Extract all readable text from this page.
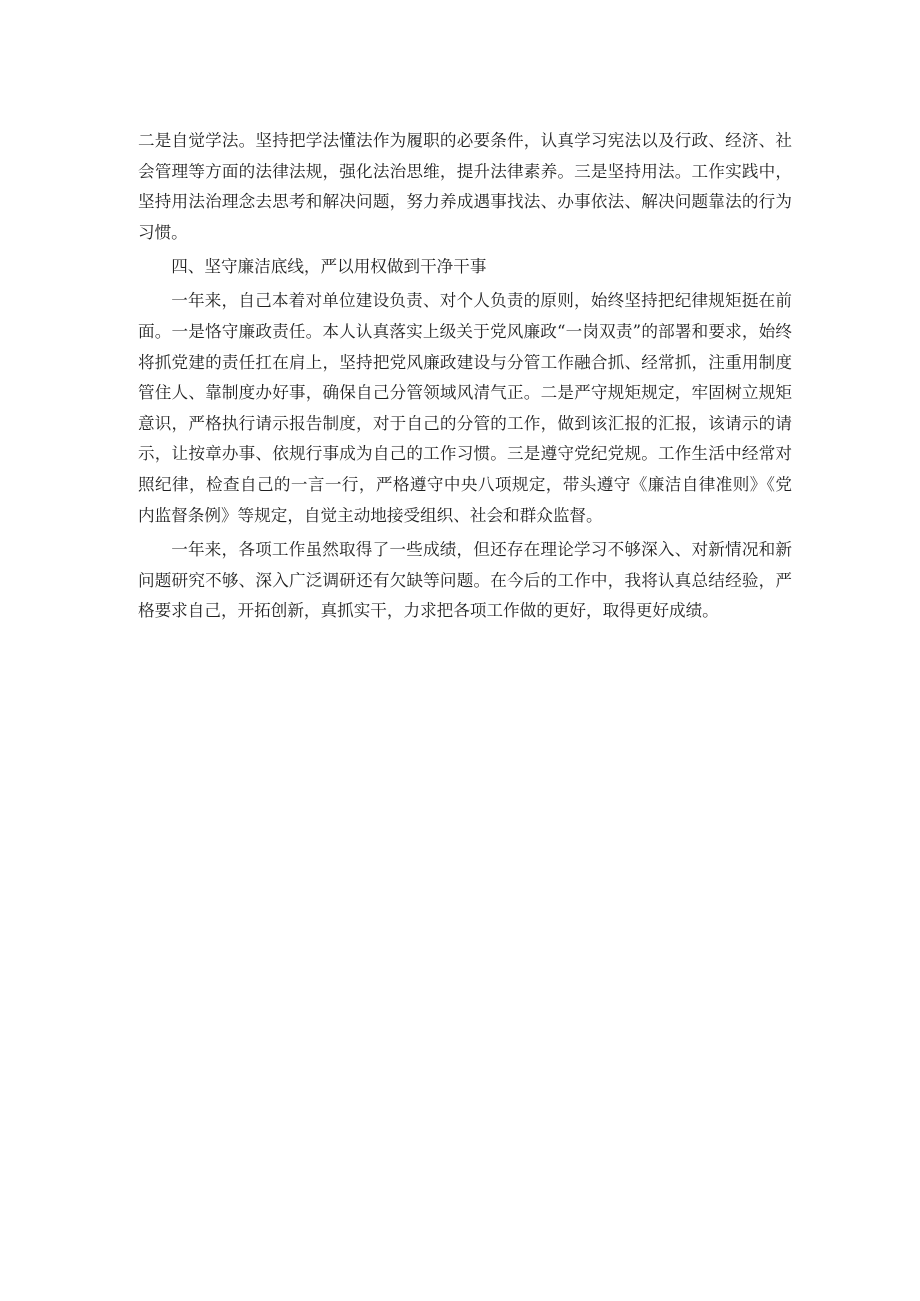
二是自觉学法。坚持把学法懂法作为履职的必要条件，认真学习宪法以及行政、经济、社会管理等方面的法律法规，强化法治思维，提升法律素养。三是坚持用法。工作实践中，坚持用法治理念去思考和解决问题，努力养成遇事找法、办事依法、解决问题靠法的行为习惯。

四、坚守廉洁底线，严以用权做到干净干事

一年来，自己本着对单位建设负责、对个人负责的原则，始终坚持把纪律规矩挺在前面。一是恪守廉政责任。本人认真落实上级关于党风廉政“一岗双责”的部署和要求，始终将抓党建的责任扛在肩上，坚持把党风廉政建设与分管工作融合抓、经常抓，注重用制度管住人、靠制度办好事，确保自己分管领域风清气正。二是严守规矩规定，牢固树立规矩意识，严格执行请示报告制度，对于自己的分管的工作，做到该汇报的汇报，该请示的请示，让按章办事、依规行事成为自己的工作习惯。三是遵守党纪党规。工作生活中经常对照纪律，检查自己的一言一行，严格遵守中央八项规定，带头遵守《廉洁自律准则》《党内监督条例》等规定，自觉主动地接受组织、社会和群众监督。

一年来，各项工作虽然取得了一些成绩，但还存在理论学习不够深入、对新情况和新问题研究不够、深入广泛调研还有欠缺等问题。在今后的工作中，我将认真总结经验，严格要求自己，开拓创新，真抓实干，力求把各项工作做的更好，取得更好成绩。
